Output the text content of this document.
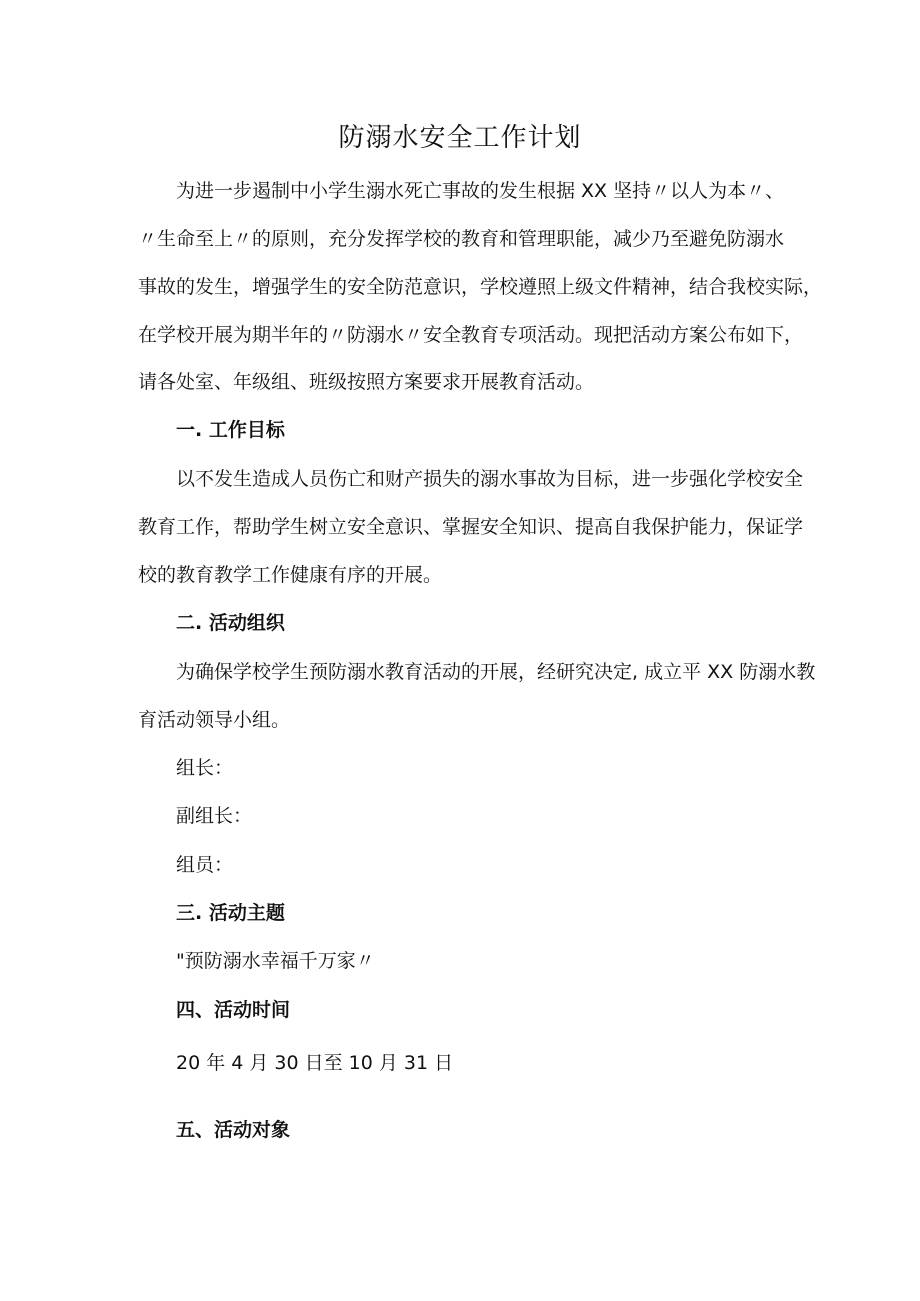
防溺水安全工作计划

为进一步遏制中小学生溺水死亡事故的发生根据 XX 坚持〃以人为本〃、

〃生命至上〃的原则，充分发挥学校的教育和管理职能，减少乃至避免防溺水

事故的发生，增强学生的安全防范意识，学校遵照上级文件精神，结合我校实际，

在学校开展为期半年的〃防溺水〃安全教育专项活动。现把活动方案公布如下，

请各处室、年级组、班级按照方案要求开展教育活动。

一. 工作目标

以不发生造成人员伤亡和财产损失的溺水事故为目标，进一步强化学校安全

教育工作，帮助学生树立安全意识、掌握安全知识、提高自我保护能力，保证学

校的教育教学工作健康有序的开展。

二. 活动组织

为确保学校学生预防溺水教育活动的开展，经研究决定, 成立平 XX 防溺水教

育活动领导小组。

组长：

副组长：

组员：

三. 活动主题

"预防溺水幸福千万家〃

四、活动时间

20 年 4 月 30 日至 10 月 31 日

五、活动对象
